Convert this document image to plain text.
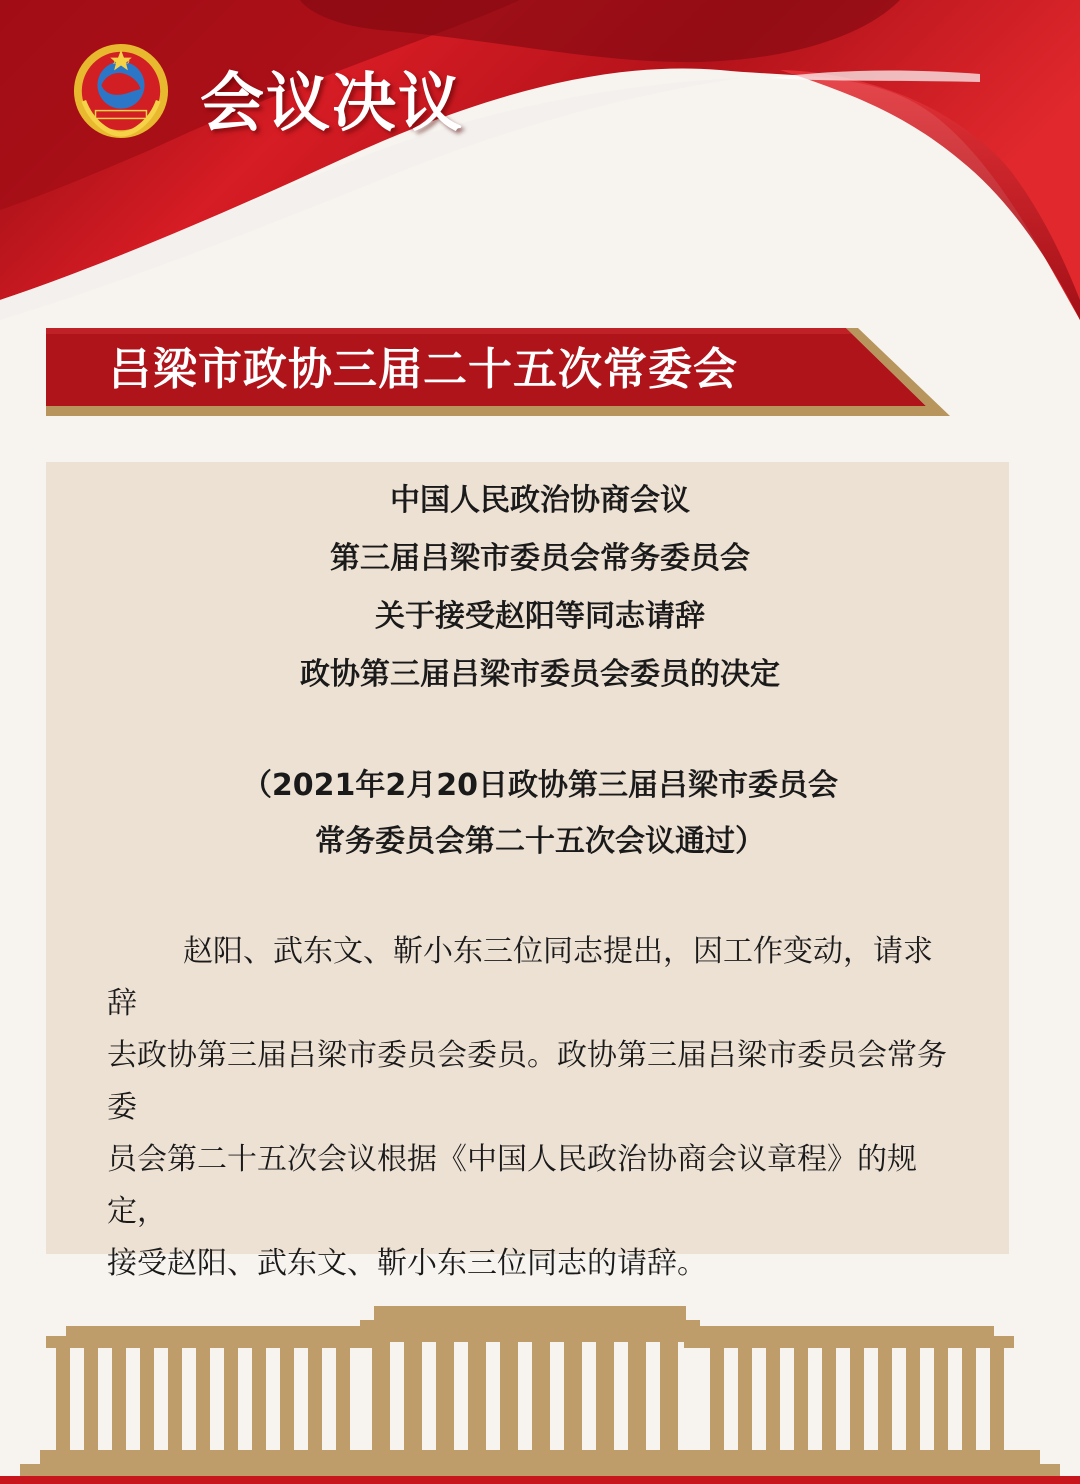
1949
会议决议
吕梁市政协三届二十五次常委会
中国人民政治协商会议
第三届吕梁市委员会常务委员会
关于接受赵阳等同志请辞
政协第三届吕梁市委员会委员的决定
（2021年2月20日政协第三届吕梁市委员会
常务委员会第二十五次会议通过）
赵阳、武东文、靳小东三位同志提出，因工作变动，请求辞
去政协第三届吕梁市委员会委员。政协第三届吕梁市委员会常务委
员会第二十五次会议根据《中国人民政治协商会议章程》的规定，
接受赵阳、武东文、靳小东三位同志的请辞。
